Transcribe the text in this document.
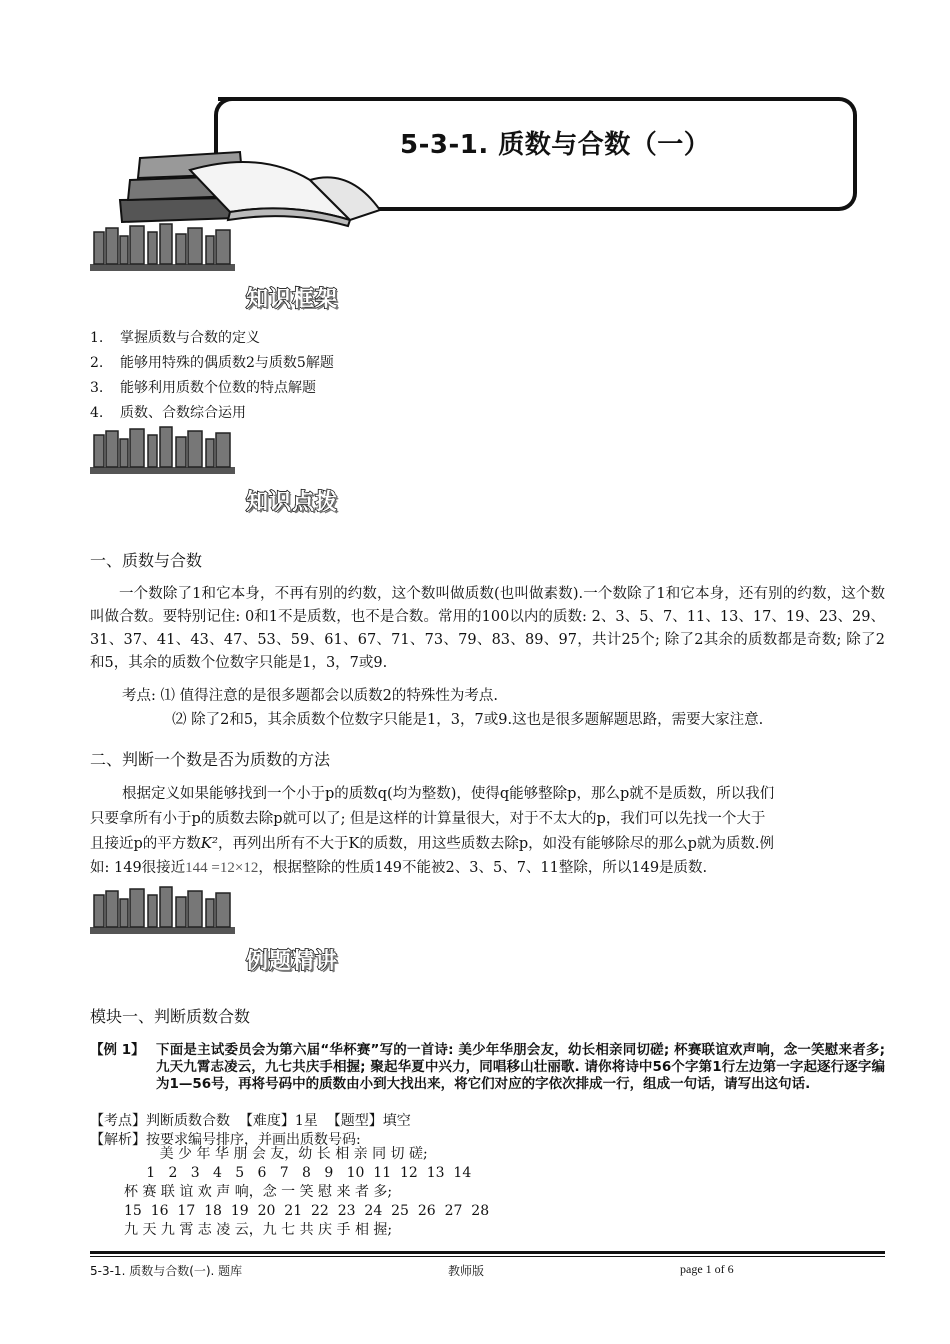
5-3-1. 质数与合数（一）
知识框架
1. 掌握质数与合数的定义
2. 能够用特殊的偶质数2与质数5解题
3. 能够利用质数个位数的特点解题
4. 质数、合数综合运用
知识点拨
一、质数与合数
一个数除了1和它本身，不再有别的约数，这个数叫做质数(也叫做素数).一个数除了1和它本身，还有别的约数，这个数叫做合数。要特别记住: 0和1不是质数，也不是合数。常用的100以内的质数: 2、3、5、7、11、13、17、19、23、29、31、37、41、43、47、53、59、61、67、71、73、79、83、89、97，共计25个; 除了2其余的质数都是奇数; 除了2和5，其余的质数个位数字只能是1，3，7或9.
考点: ⑴ 值得注意的是很多题都会以质数2的特殊性为考点.
⑵ 除了2和5，其余质数个位数字只能是1，3，7或9.这也是很多题解题思路，需要大家注意.
二、判断一个数是否为质数的方法
根据定义如果能够找到一个小于p的质数q(均为整数)，使得q能够整除p，那么p就不是质数，所以我们
只要拿所有小于p的质数去除p就可以了; 但是这样的计算量很大，对于不太大的p，我们可以先找一个大于
且接近p的平方数K²，再列出所有不大于K的质数，用这些质数去除p，如没有能够除尽的那么p就为质数.例
如: 149很接近144 =12×12，根据整除的性质149不能被2、3、5、7、11整除，所以149是质数.
例题精讲
模块一、判断质数合数
【例 1】 下面是主试委员会为第六届“华杯赛”写的一首诗: 美少年华朋会友，幼长相亲同切磋; 杯赛联谊欢声响，念一笑慰来者多; 九天九霄志凌云，九七共庆手相握; 聚起华夏中兴力，同唱移山壮丽歌. 请你将诗中56个字第1行左边第一字起逐行逐字编为1—56号，再将号码中的质数由小到大找出来，将它们对应的字依次排成一行，组成一句话，请写出这句话.
【考点】判断质数合数  【难度】1星  【题型】填空
【解析】按要求编号排序，并画出质数号码:
美 少 年 华 朋 会 友，幼 长 相 亲 同 切 磋;
1   2   3   4   5   6   7   8   9   10  11  12  13  14
杯 赛 联 谊 欢 声 响，念 一 笑 慰 来 者 多;
15  16  17  18  19  20  21  22  23  24  25  26  27  28
九 天 九 霄 志 凌 云，九 七 共 庆 手 相 握;
5-3-1. 质数与合数(一). 题库	教师版	page 1 of 6
